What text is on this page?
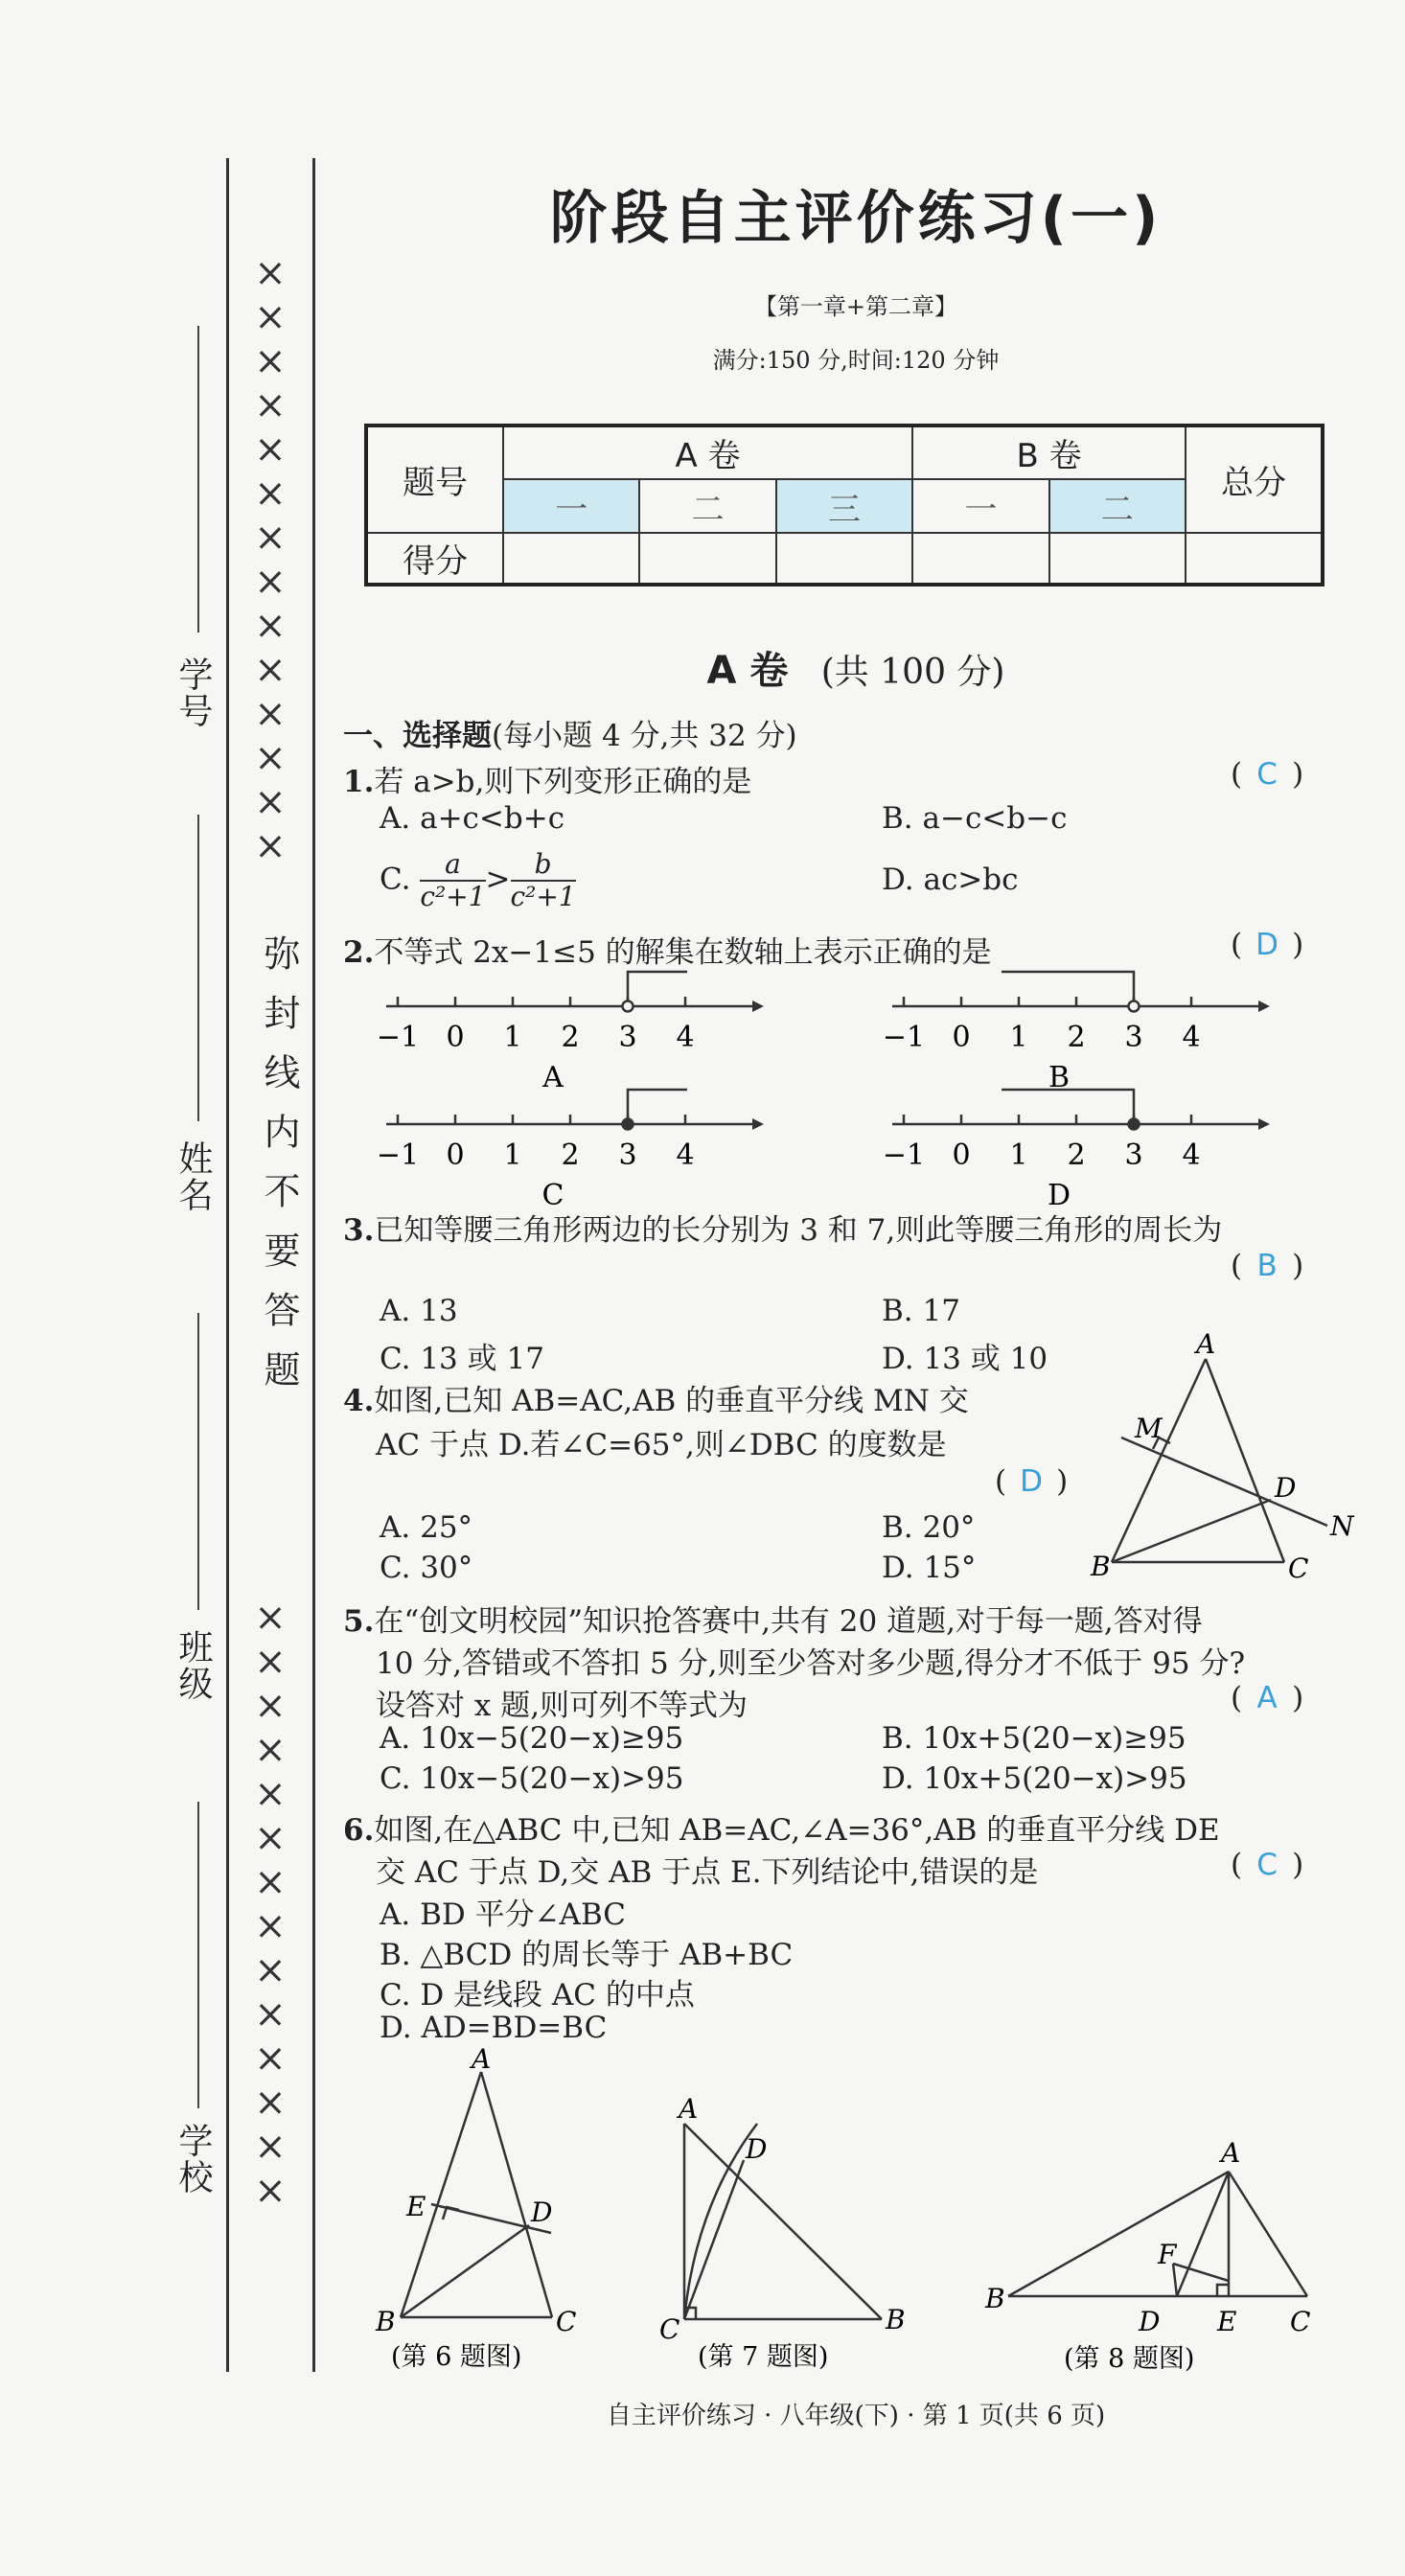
学校
班级
姓名
学号 ××××××××××××××
弥封线内不要答题
××××××××××××××
阶段自主评价练习(一)
【第一章+第二章】
满分:150 分,时间:120 分钟
题号	A 卷			B 卷		总分
	一	二	三	一	二	
得分						
A 卷 (共 100 分)
一、选择题(每小题 4 分,共 32 分)
1.若 a>b,则下列变形正确的是	( C )
A. a+c<b+c	B. a−c<b−c
C. $\frac{a}{\text{c²+1}} > \frac{b}{\text{c²+1}}$	D. ac>bc
2.不等式 2x−1≤5 的解集在数轴上表示正确的是	( D )
−1 0 1 2 3 4
A
−1 0 1 2 3 4
B
−1 0 1 2 3 4
C
−1 0 1 2 3 4
D
3.已知等腰三角形两边的长分别为 3 和 7,则此等腰三角形的周长为
( B )
A. 13	B. 17
C. 13 或 17	D. 13 或 10
4.如图,已知 AB=AC,AB 的垂直平分线 MN 交
AC 于点 D.若∠C=65°,则∠DBC 的度数是
( D )
A. 25°	B. 20°
C. 30°	D. 15°
A
M
D
N
B	C
5.在“创文明校园”知识抢答赛中,共有 20 道题,对于每一题,答对得
10 分,答错或不答扣 5 分,则至少答对多少题,得分才不低于 95 分?
设答对 x 题,则可列不等式为	( A )
A. 10x−5(20−x)≥95	B. 10x+5(20−x)≥95
C. 10x−5(20−x)>95	D. 10x+5(20−x)>95
6.如图,在△ABC 中,已知 AB=AC,∠A=36°,AB 的垂直平分线 DE
交 AC 于点 D,交 AB 于点 E.下列结论中,错误的是	( C )
A. BD 平分∠ABC
B. △BCD 的周长等于 AB+BC
C. D 是线段 AC 的中点
D. AD=BD=BC
A
E	D
B	C
(第 6 题图)
A
D
C	B
(第 7 题图)
A
F
B
D E C
(第 8 题图)
自主评价练习 · 八年级(下) · 第 1 页(共 6 页)
